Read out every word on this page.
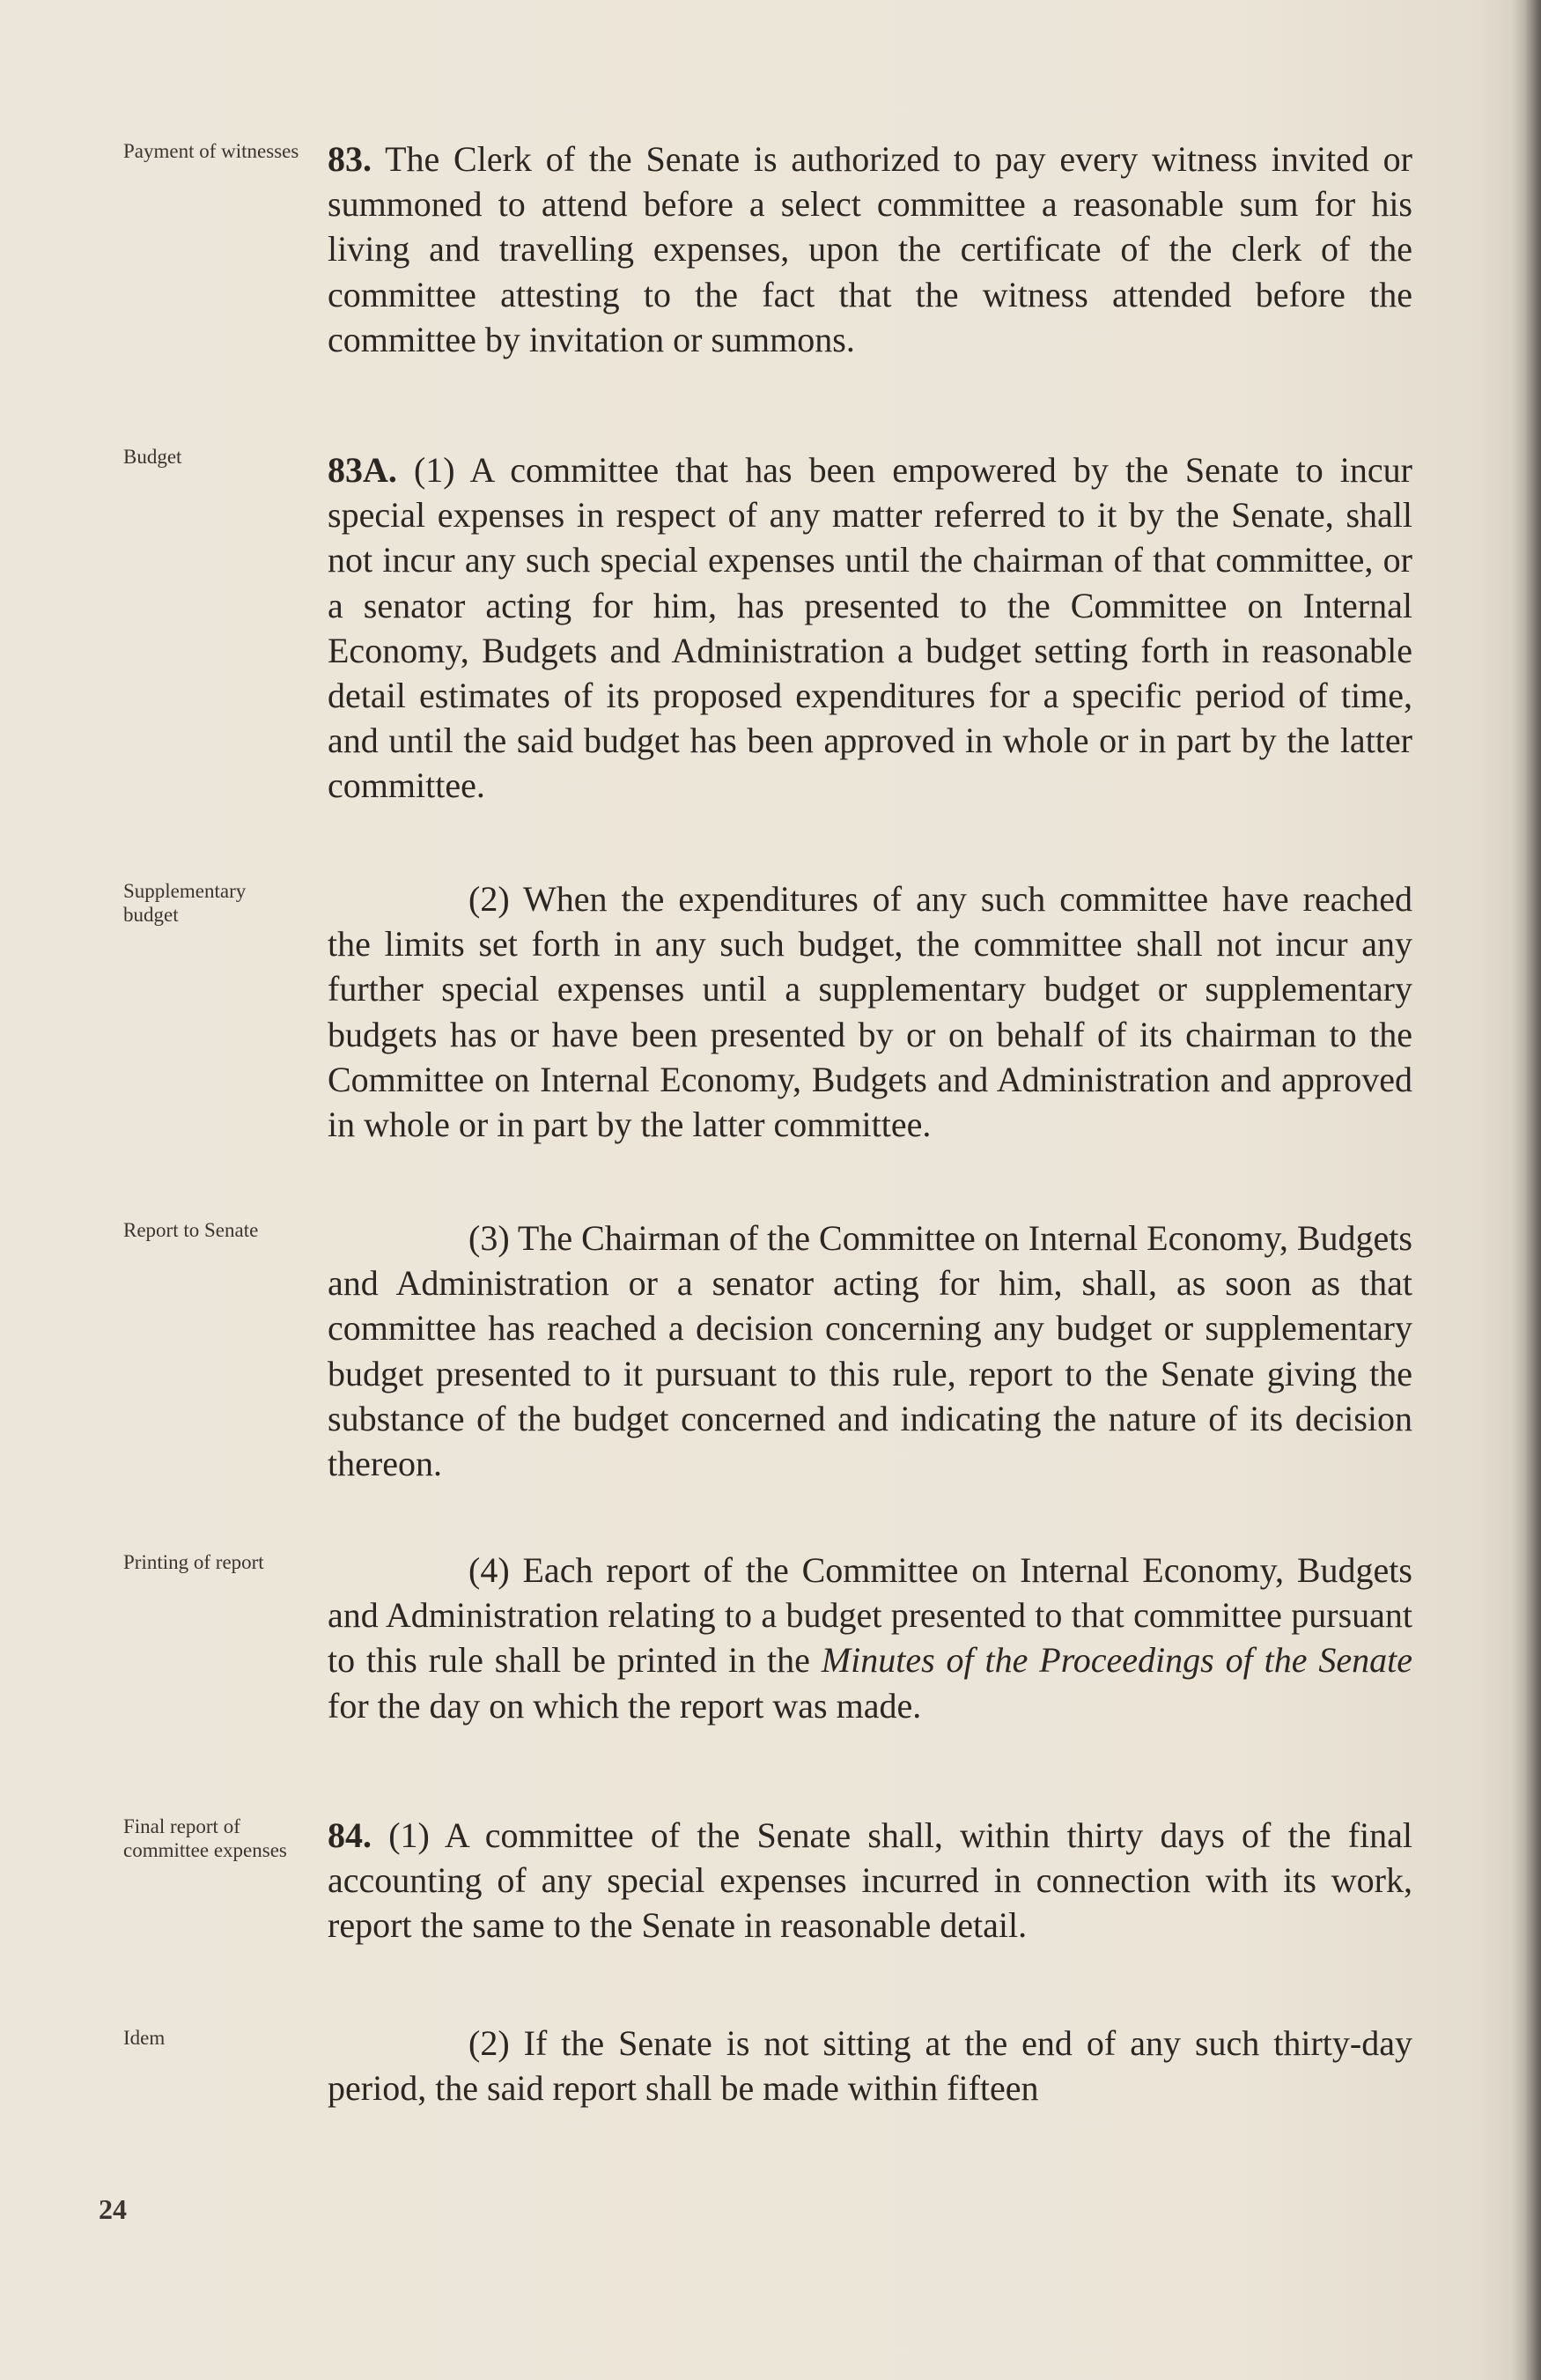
Payment of witnesses 83. The Clerk of the Senate is authorized to pay every witness invited or summoned to attend before a select committee a reasonable sum for his living and travelling expenses, upon the certificate of the clerk of the committee attesting to the fact that the witness attended before the committee by invitation or summons.

Budget	83A. (1) A committee that has been empowered by the Senate to incur special expenses in respect of any matter referred to it by the Senate, shall not incur any such special expenses until the chairman of that committee, or a senator acting for him, has presented to the Committee on Internal Economy, Budgets and Administration a budget setting forth in reasonable detail estimates of its proposed expenditures for a specific period of time, and until the said budget has been approved in whole or in part by the latter committee.

Supplementary budget	(2) When the expenditures of any such committee have reached the limits set forth in any such budget, the committee shall not incur any further special expenses until a supplementary budget or supplementary budgets has or have been presented by or on behalf of its chairman to the Committee on Internal Economy, Budgets and Administration and approved in whole or in part by the latter committee.

Report to Senate	(3) The Chairman of the Committee on Internal Economy, Budgets and Administration or a senator acting for him, shall, as soon as that committee has reached a decision concerning any budget or supplementary budget presented to it pursuant to this rule, report to the Senate giving the substance of the budget concerned and indicating the nature of its decision thereon.

Printing of report	(4) Each report of the Committee on Internal Economy, Budgets and Administration relating to a budget presented to that committee pursuant to this rule shall be printed in the Minutes of the Proceedings of the Senate for the day on which the report was made.

Final report of committee expenses	84. (1) A committee of the Senate shall, within thirty days of the final accounting of any special expenses incurred in connection with its work, report the same to the Senate in reasonable detail.

Idem	(2) If the Senate is not sitting at the end of any such thirty-day period, the said report shall be made within fifteen

24
